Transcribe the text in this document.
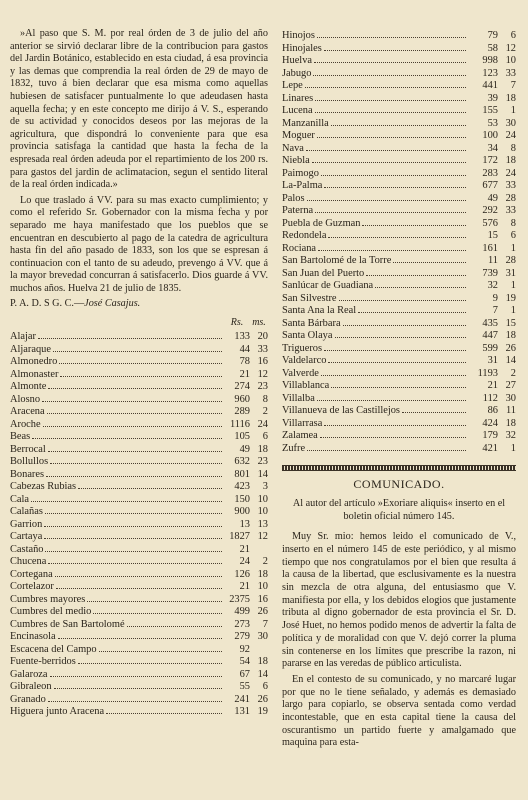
»Al paso que S. M. por real órden de 3 de julio del año anterior se sirvió declarar libre de la contribucion para gastos del Jardin Botánico, establecido en esta ciudad, á esa provincia y las demas que comprendia la real órden de 29 de mayo de 1832, tuvo á bien declarar que esa misma como aquellas hubiesen de satisfacer puntualmente lo que adeudasen hasta aquella fecha; y en este concepto me dirijo á V. S., esperando de su actividad y conocidos deseos por las mejoras de la agricultura, que dispondrá lo conveniente para que esa provincia satisfaga la cantidad que hasta la fecha de la espresada real órden adeuda por el repartimiento de los 200 rs. para gastos del jardin de aclimatacion, segun el sentido literal de la real órden indicada.»

Lo que traslado á VV. para su mas exacto cumplimiento; y como el referido Sr. Gobernador con la misma fecha y por separado me haya manifestado que los pueblos que se encuentran en descubierto al pago de la catedra de agricultura hasta fin del año pasado de 1833, son los que se espresan á continuacion con el tanto de su adeudo, prevengo á VV. que á la mayor brevedad concurran á satisfacerlo. Dios guarde á VV. muchos años. Huelva 21 de julio de 1835.

P. A. D. S G. C.—José Casajus.
Rs. ms.
Alajar	133 20
Aljaraque	44 33
Almonedro	78 16
Almonaster	21 12
Almonte	274 23
Alosno	960	8
Aracena	289	2
Aroche	1116 24
Beas	105	6
Berrocal	49 18
Bollullos	632 23
Bonares	801 14
Cabezas Rubias	423	3
Cala	150 10
Calañas	900 10
Garrion	13 13
Cartaya	1827 12
Castaño	21
Chucena	24	2
Cortegana	126 18
Cortelazor	21 10
Cumbres mayores	2375 16
Cumbres del medio	499 26
Cumbres de San Bartolomé	273	7
Encinasola	279 30
Escacena del Campo	92
Fuente-berridos	54 18
Galaroza	67 14
Gibraleon	55	6
Granado	241 26
Higuera junto Aracena	131 19
Hinojos	79	6
Hinojales	58 12
Huelva	998 10
Jabugo	123 33
Lepe	441	7
Linares	39 18
Lucena	155	1
Manzanilla	53 30
Moguer	100 24
Nava	34	8
Niebla	172 18
Paimogo	283 24
La-Palma	677 33
Palos	49 28
Paterna	292 33
Puebla de Guzman	576	8
Redondela	15	6
Rociana	161	1
San Bartolomé de la Torre	11 28
San Juan del Puerto	739 31
Sanlúcar de Guadiana	32	1
San Silvestre	9 19
Santa Ana la Real	7	1
Santa Bárbara	435 15
Santa Olaya	447 18
Trigueros	599 26
Valdelarco	31 14
Valverde	1193	2
Villablanca	21 27
Villalba	112 30
Villanueva de las Castillejos	86 11
Villarrasa	424 18
Zalamea	179 32
Zufre	421	1
COMUNICADO.
Al autor del artículo »Exoriare aliquis« inserto en el boletin oficial número 145.

Muy Sr. mio: hemos leido el comunicado de V., inserto en el número 145 de este periódico, y al mismo tiempo que nos congratulamos por el bien que resulta á la causa de la libertad, que esclusivamente es la nuestra sin mezcla de otra alguna, del entusiasmo que V. manifiesta por ella, y los debidos elogios que justamente tributa al digno gobernador de esta provincia el Sr. D. José Huet, no hemos podido menos de advertir la falta de política y de moralidad con que V. dejó correr la pluma sin contenerse en los límites que prescribe la razon, ni pararse en las veredas de público articulista.

En el contesto de su comunicado, y no marcaré lugar por que no le tiene señalado, y además es demasiado largo para copiarlo, se observa sentada como verdad incontestable, que en esta capital tiene la causa del oscurantismo un partido fuerte y amalgamado que maquina para esta-
